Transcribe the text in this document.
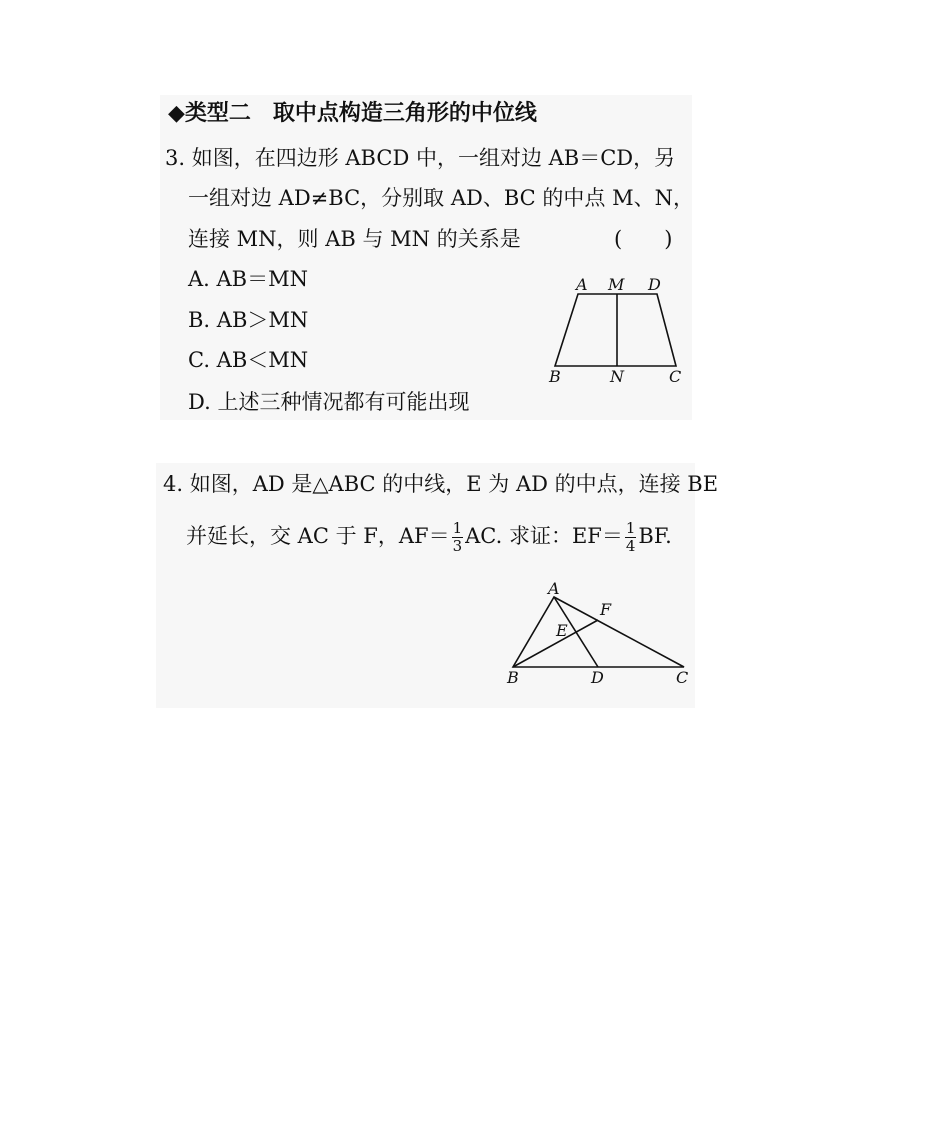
◆类型二　取中点构造三角形的中位线
3. 如图，在四边形 ABCD 中，一组对边 AB＝CD，另
一组对边 AD≠BC，分别取 AD、BC 的中点 M、N，
连接 MN，则 AB 与 MN 的关系是	(　　)
A. AB＝MN
B. AB＞MN
C. AB＜MN
D. 上述三种情况都有可能出现
A M D
B	N	C
4. 如图，AD 是△ABC 的中线，E 为 AD 的中点，连接 BE
并延长，交 AC 于 F，$AF= \frac{1}{3}$ AC. 求证：$EF= \frac{1}{4}$ BF.
A
F
E
B	D	C
